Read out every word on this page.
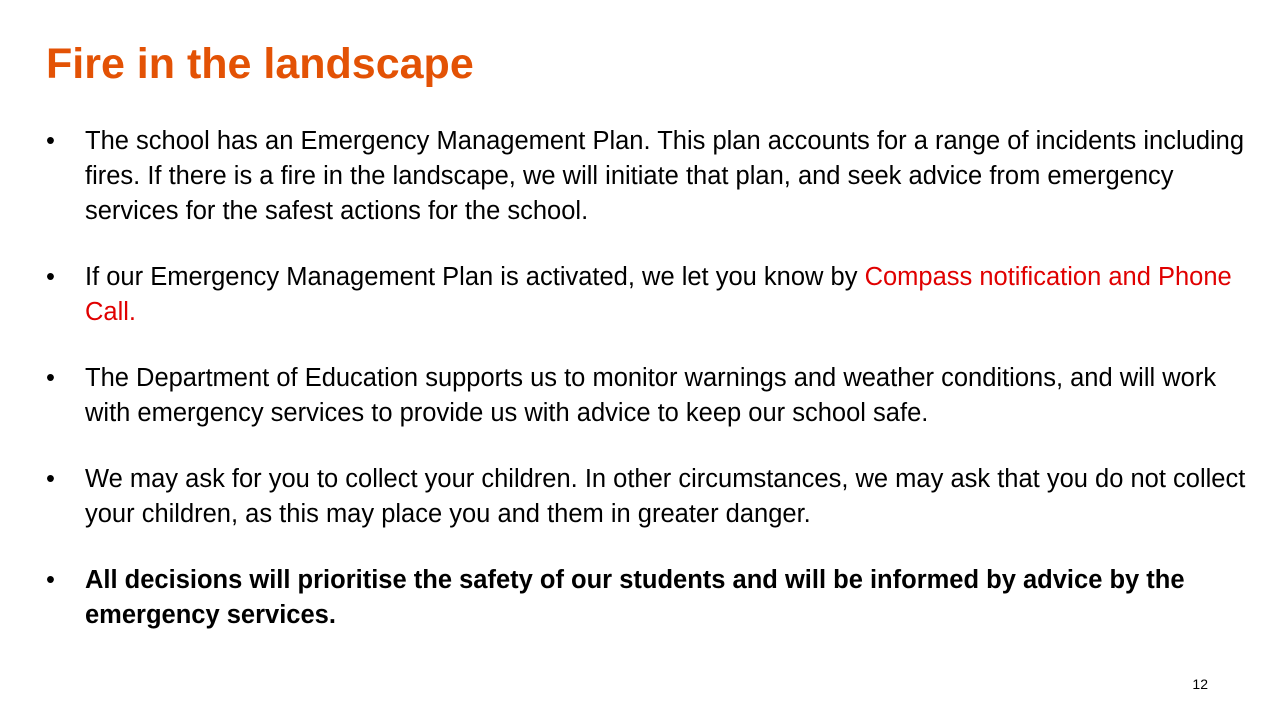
Fire in the landscape
•	The school has an Emergency Management Plan. This plan accounts for a range of incidents including fires. If there is a fire in the landscape, we will initiate that plan, and seek advice from emergency services for the safest actions for the school.
•	If our Emergency Management Plan is activated, we let you know by Compass notification and Phone Call.
•	The Department of Education supports us to monitor warnings and weather conditions, and will work with emergency services to provide us with advice to keep our school safe.
•	We may ask for you to collect your children. In other circumstances, we may ask that you do not collect your children, as this may place you and them in greater danger.
•	All decisions will prioritise the safety of our students and will be informed by advice by the emergency services.
12
